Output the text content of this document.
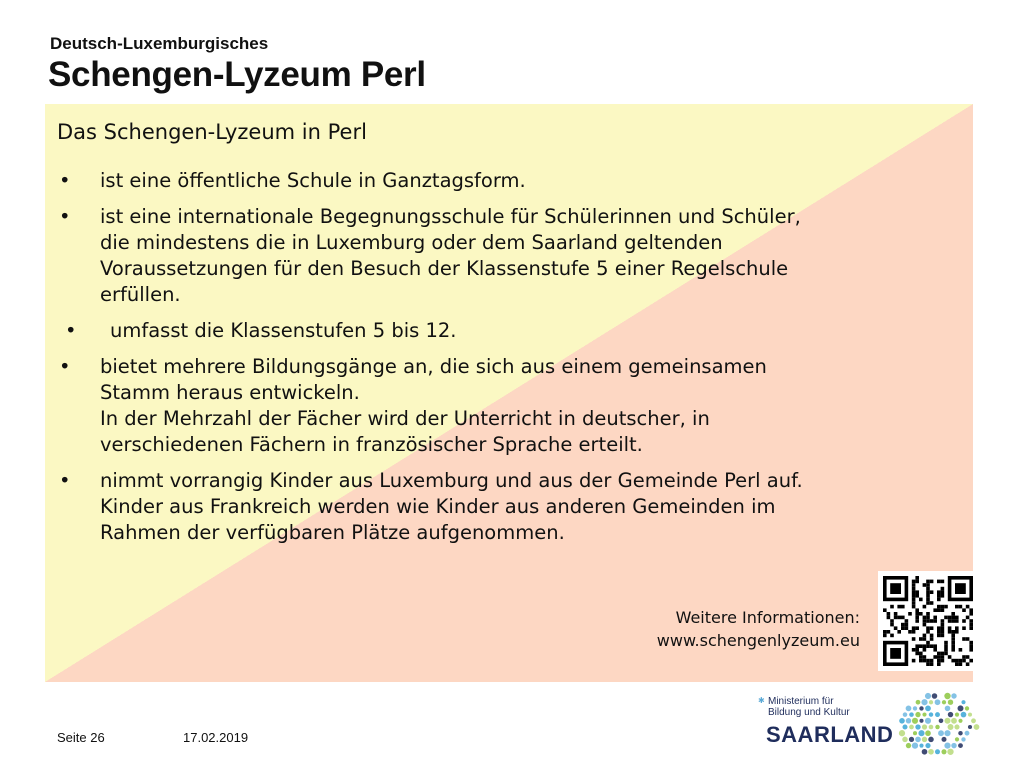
Deutsch-Luxemburgisches
Schengen-Lyzeum Perl
Das Schengen-Lyzeum in Perl
• ist eine öffentliche Schule in Ganztagsform.
• ist eine internationale Begegnungsschule für Schülerinnen und Schüler,
die mindestens die in Luxemburg oder dem Saarland geltenden
Voraussetzungen für den Besuch der Klassenstufe 5 einer Regelschule
erfüllen.
• umfasst die Klassenstufen 5 bis 12.
• bietet mehrere Bildungsgänge an, die sich aus einem gemeinsamen
Stamm heraus entwickeln.
In der Mehrzahl der Fächer wird der Unterricht in deutscher, in
verschiedenen Fächern in französischer Sprache erteilt.
• nimmt vorrangig Kinder aus Luxemburg und aus der Gemeinde Perl auf.
Kinder aus Frankreich werden wie Kinder aus anderen Gemeinden im
Rahmen der verfügbaren Plätze aufgenommen.
Weitere Informationen:
www.schengenlyzeum.eu
Seite 26	17.02.2019
✱ Ministerium für
Bildung und Kultur
SAARLAND
